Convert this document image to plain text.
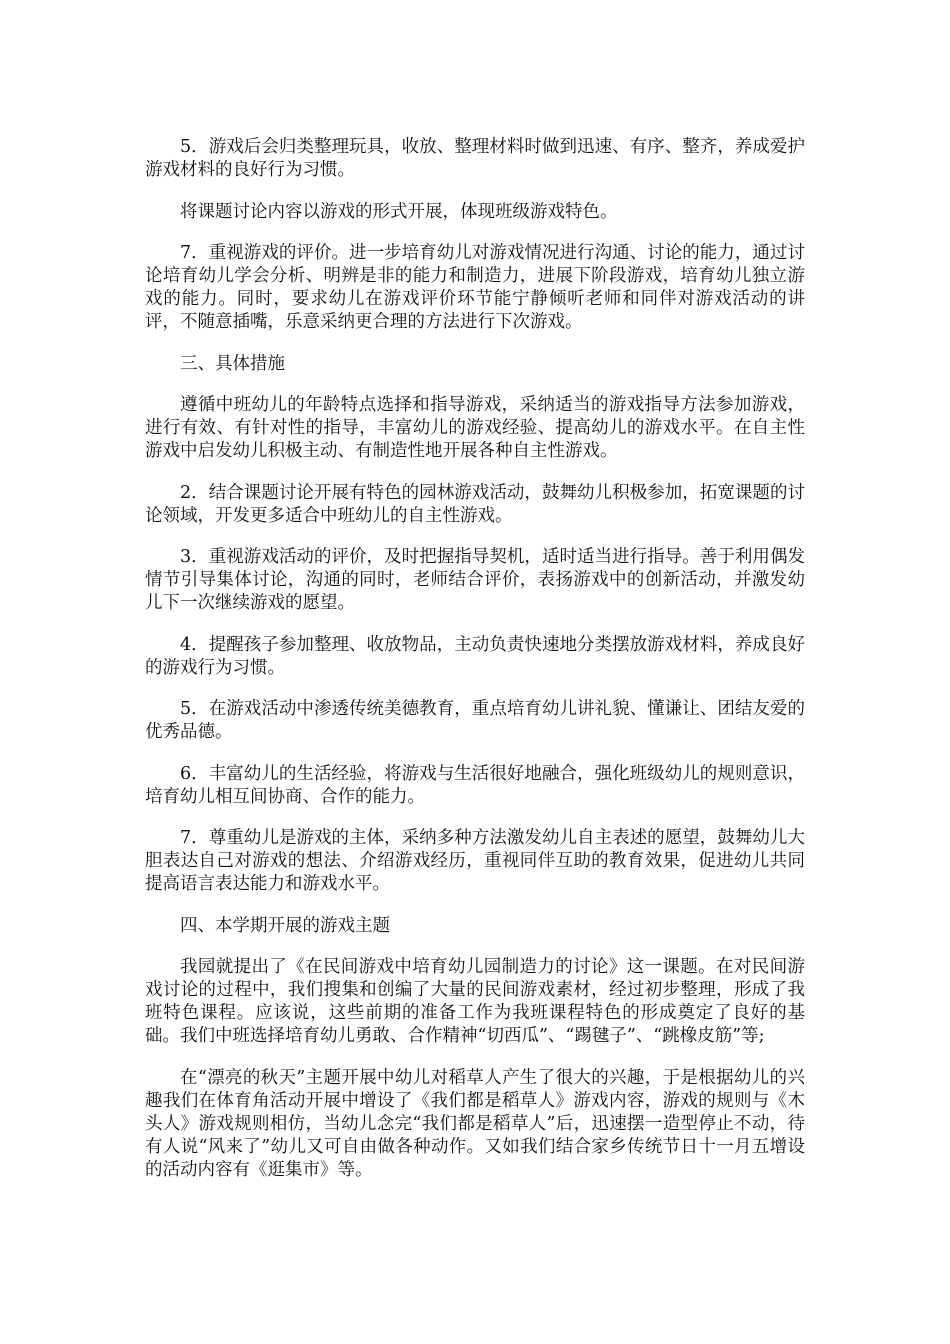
5．游戏后会归类整理玩具，收放、整理材料时做到迅速、有序、整齐，养成爱护游戏材料的良好行为习惯。

将课题讨论内容以游戏的形式开展，体现班级游戏特色。

7．重视游戏的评价。进一步培育幼儿对游戏情况进行沟通、讨论的能力，通过讨论培育幼儿学会分析、明辨是非的能力和制造力，进展下阶段游戏，培育幼儿独立游戏的能力。同时，要求幼儿在游戏评价环节能宁静倾听老师和同伴对游戏活动的讲评，不随意插嘴，乐意采纳更合理的方法进行下次游戏。

三、具体措施

遵循中班幼儿的年龄特点选择和指导游戏，采纳适当的游戏指导方法参加游戏，进行有效、有针对性的指导，丰富幼儿的游戏经验、提高幼儿的游戏水平。在自主性游戏中启发幼儿积极主动、有制造性地开展各种自主性游戏。

2．结合课题讨论开展有特色的园林游戏活动，鼓舞幼儿积极参加，拓宽课题的讨论领域，开发更多适合中班幼儿的自主性游戏。

3．重视游戏活动的评价，及时把握指导契机，适时适当进行指导。善于利用偶发情节引导集体讨论，沟通的同时，老师结合评价，表扬游戏中的创新活动，并激发幼儿下一次继续游戏的愿望。

4．提醒孩子参加整理、收放物品，主动负责快速地分类摆放游戏材料，养成良好的游戏行为习惯。

5．在游戏活动中渗透传统美德教育，重点培育幼儿讲礼貌、懂谦让、团结友爱的优秀品德。

6．丰富幼儿的生活经验，将游戏与生活很好地融合，强化班级幼儿的规则意识，培育幼儿相互间协商、合作的能力。

7．尊重幼儿是游戏的主体，采纳多种方法激发幼儿自主表述的愿望，鼓舞幼儿大胆表达自己对游戏的想法、介绍游戏经历，重视同伴互助的教育效果，促进幼儿共同提高语言表达能力和游戏水平。

四、本学期开展的游戏主题

我园就提出了《在民间游戏中培育幼儿园制造力的讨论》这一课题。在对民间游戏讨论的过程中，我们搜集和创编了大量的民间游戏素材，经过初步整理，形成了我班特色课程。应该说，这些前期的准备工作为我班课程特色的形成奠定了良好的基础。我们中班选择培育幼儿勇敢、合作精神“切西瓜”、“踢毽子”、“跳橡皮筋”等;

在“漂亮的秋天”主题开展中幼儿对稻草人产生了很大的兴趣，于是根据幼儿的兴趣我们在体育角活动开展中增设了《我们都是稻草人》游戏内容，游戏的规则与《木头人》游戏规则相仿，当幼儿念完“我们都是稻草人”后，迅速摆一造型停止不动，待有人说“风来了”幼儿又可自由做各种动作。又如我们结合家乡传统节日十一月五增设的活动内容有《逛集市》等。
